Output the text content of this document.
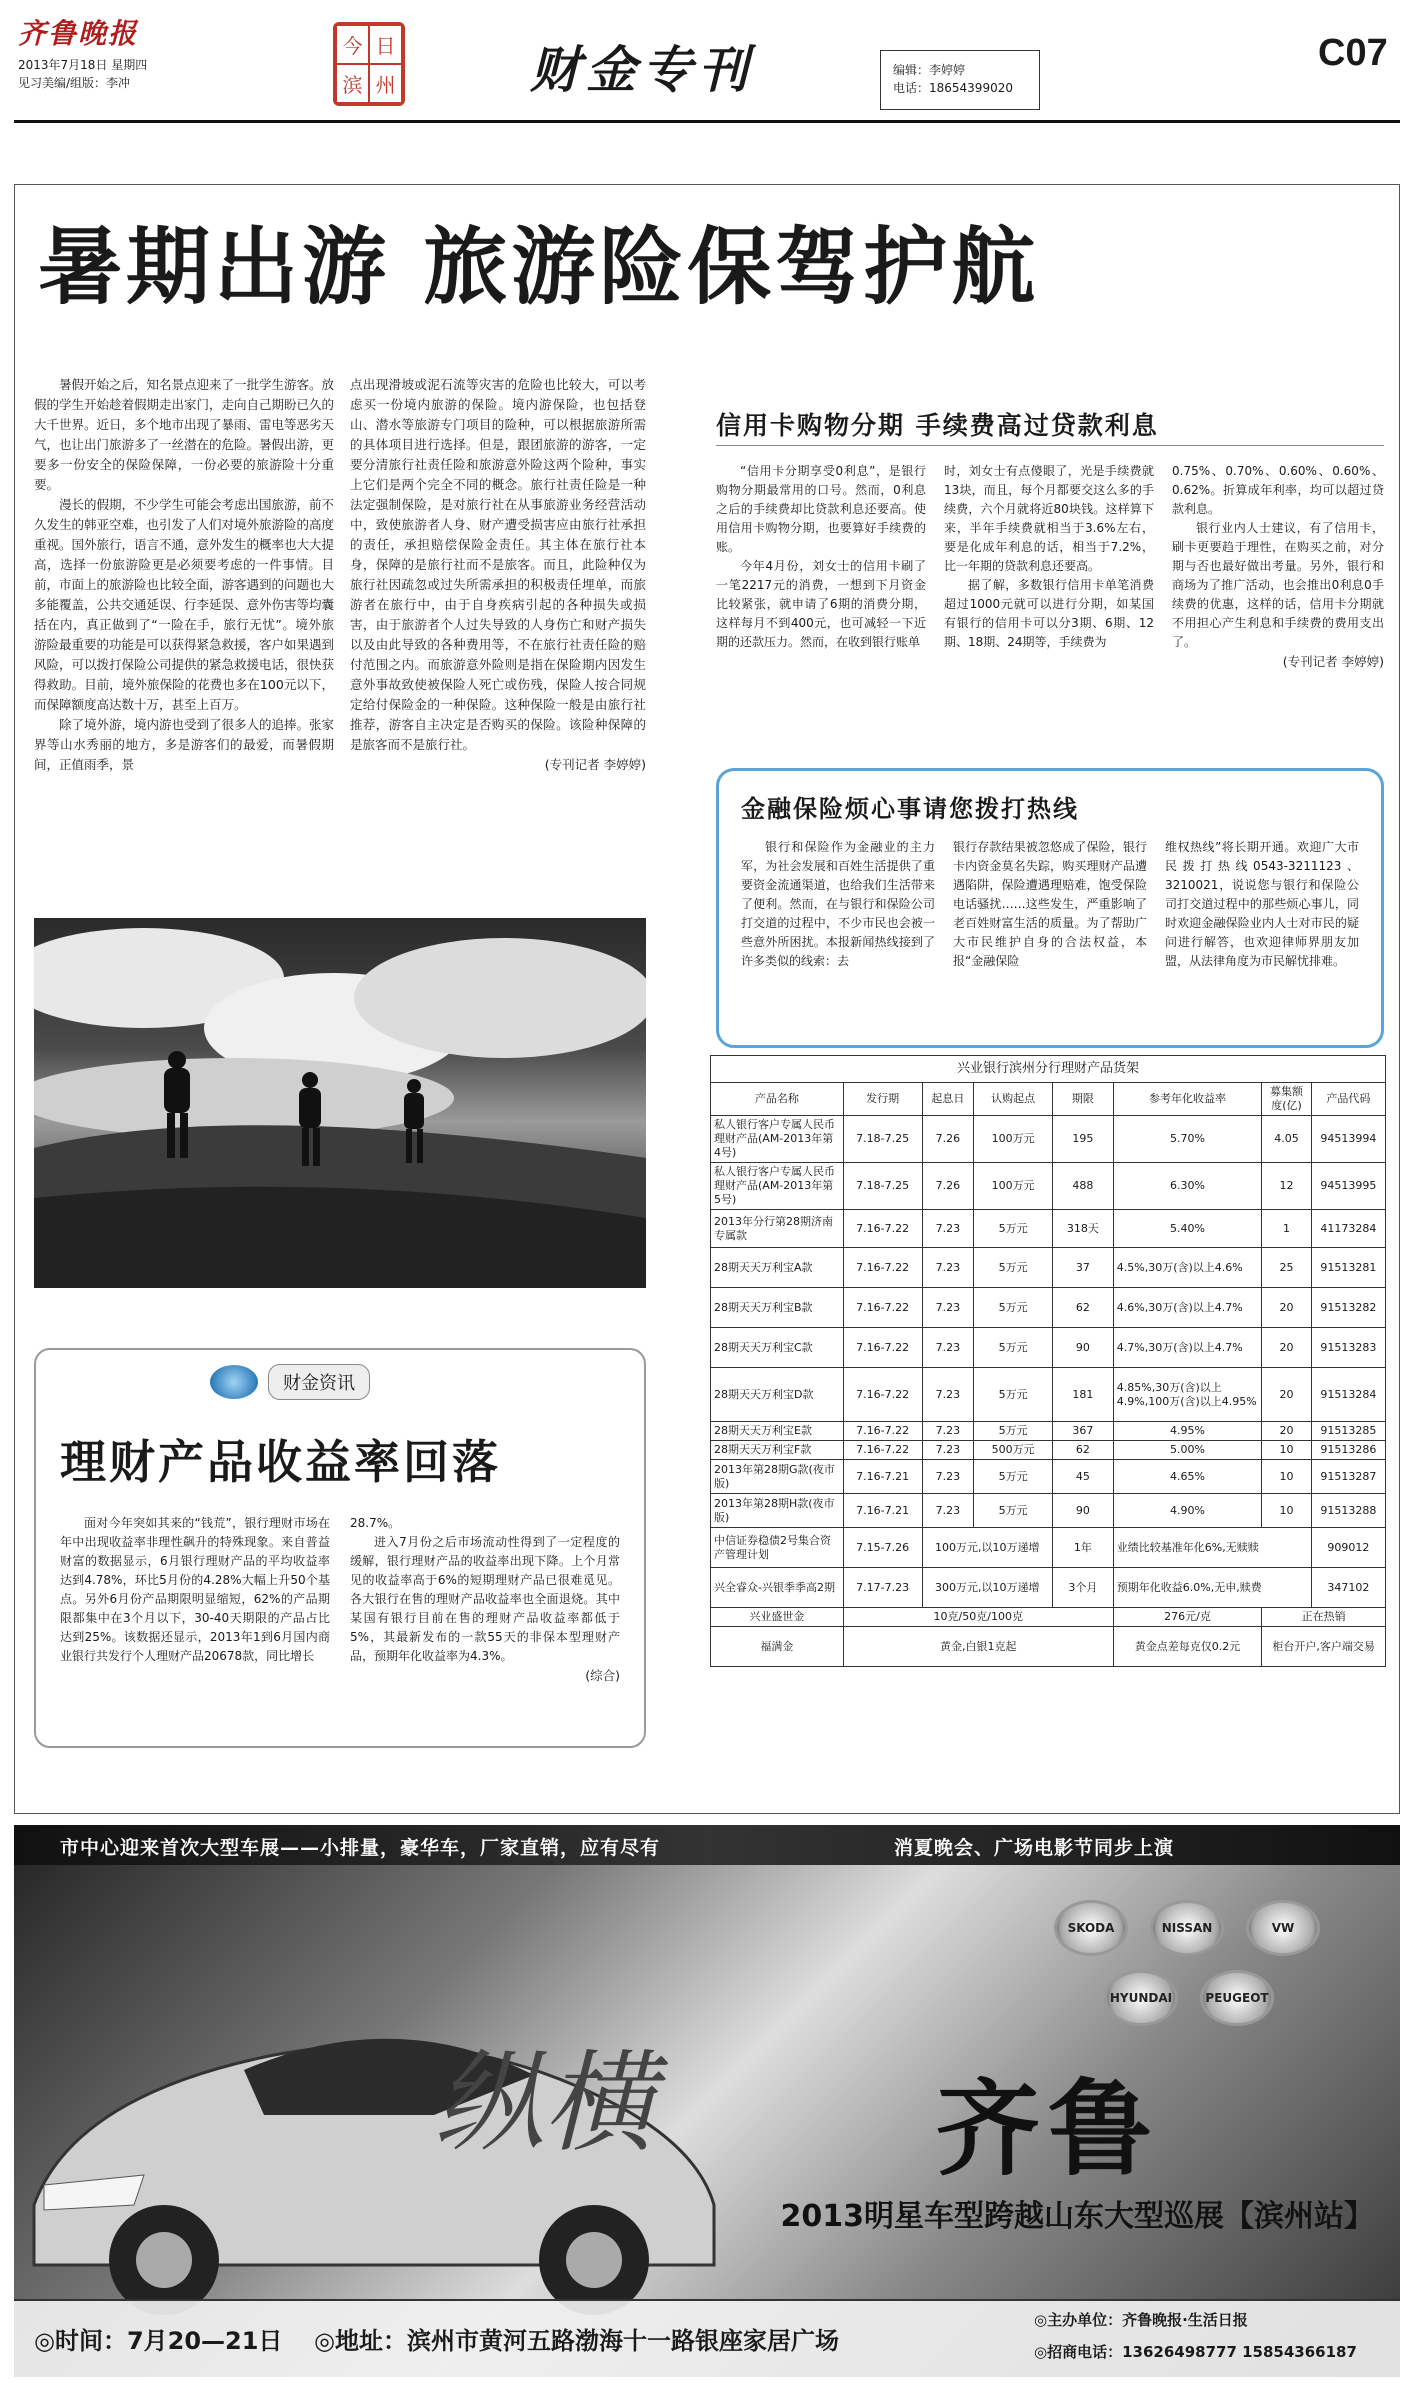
齐鲁晚报
2013年7月18日 星期四
见习美编/组版：李冲
今 日
滨 州	财金专刊	编辑：李婷婷
电话：18654399020
C07
暑期出游 旅游险保驾护航

暑假开始之后，知名景点迎来了一批学生游客。放假的学生开始趁着假期走出家门，走向自己期盼已久的大千世界。近日，多个地市出现了暴雨、雷电等恶劣天气，也让出门旅游多了一丝潜在的危险。暑假出游，更要多一份安全的保险保障，一份必要的旅游险十分重要。

漫长的假期，不少学生可能会考虑出国旅游，前不久发生的韩亚空难，也引发了人们对境外旅游险的高度重视。国外旅行，语言不通，意外发生的概率也大大提高，选择一份旅游险更是必须要考虑的一件事情。目前，市面上的旅游险也比较全面，游客遇到的问题也大多能覆盖，公共交通延误、行李延误、意外伤害等均囊括在内，真正做到了“一险在手，旅行无忧”。境外旅游险最重要的功能是可以获得紧急救援，客户如果遇到风险，可以拨打保险公司提供的紧急救援电话，很快获得救助。目前，境外旅保险的花费也多在100元以下，而保障额度高达数十万，甚至上百万。

除了境外游，境内游也受到了很多人的追捧。张家界等山水秀丽的地方，多是游客们的最爱，而暑假期间，正值雨季，景

点出现滑坡或泥石流等灾害的危险也比较大，可以考虑买一份境内旅游的保险。境内游保险，也包括登山、潜水等旅游专门项目的险种，可以根据旅游所需的具体项目进行选择。但是，跟团旅游的游客，一定要分清旅行社责任险和旅游意外险这两个险种，事实上它们是两个完全不同的概念。旅行社责任险是一种法定强制保险，是对旅行社在从事旅游业务经营活动中，致使旅游者人身、财产遭受损害应由旅行社承担的责任，承担赔偿保险金责任。其主体在旅行社本身，保障的是旅行社而不是旅客。而且，此险种仅为旅行社因疏忽或过失所需承担的积极责任埋单，而旅游者在旅行中，由于自身疾病引起的各种损失或损害，由于旅游者个人过失导致的人身伤亡和财产损失以及由此导致的各种费用等，不在旅行社责任险的赔付范围之内。而旅游意外险则是指在保险期内因发生意外事故致使被保险人死亡或伤残，保险人按合同规定给付保险金的一种保险。这种保险一般是由旅行社推荐，游客自主决定是否购买的保险。该险种保障的是旅客而不是旅行社。

(专刊记者 李婷婷)
信用卡购物分期 手续费高过贷款利息

“信用卡分期享受0利息”，是银行购物分期最常用的口号。然而，0利息之后的手续费却比贷款利息还要高。使用信用卡购物分期，也要算好手续费的账。

今年4月份，刘女士的信用卡刷了一笔2217元的消费，一想到下月资金比较紧张，就申请了6期的消费分期，这样每月不到400元，也可减轻一下近期的还款压力。然而，在收到银行账单

时，刘女士有点傻眼了，光是手续费就13块，而且，每个月都要交这么多的手续费，六个月就将近80块钱。这样算下来，半年手续费就相当于3.6%左右，要是化成年利息的话，相当于7.2%，比一年期的贷款利息还要高。

据了解，多数银行信用卡单笔消费超过1000元就可以进行分期，如某国有银行的信用卡可以分3期、6期、12期、18期、24期等，手续费为

0.75%、0.70%、0.60%、0.60%、0.62%。折算成年利率，均可以超过贷款利息。

银行业内人士建议，有了信用卡，刷卡更要趋于理性，在购买之前，对分期与否也最好做出考量。另外，银行和商场为了推广活动，也会推出0利息0手续费的优惠，这样的话，信用卡分期就不用担心产生利息和手续费的费用支出了。

(专刊记者 李婷婷)
金融保险烦心事请您拨打热线

银行和保险作为金融业的主力军，为社会发展和百姓生活提供了重要资金流通渠道，也给我们生活带来了便利。然而，在与银行和保险公司打交道的过程中，不少市民也会被一些意外所困扰。本报新闻热线接到了许多类似的线索：去

银行存款结果被忽悠成了保险，银行卡内资金莫名失踪，购买理财产品遭遇陷阱，保险遭遇理赔难，饱受保险电话骚扰……这些发生，严重影响了老百姓财富生活的质量。为了帮助广大市民维护自身的合法权益，本报“金融保险

维权热线”将长期开通。欢迎广大市民拨打热线0543-3211123、3210021，说说您与银行和保险公司打交道过程中的那些烦心事儿，同时欢迎金融保险业内人士对市民的疑问进行解答，也欢迎律师界朋友加盟，从法律角度为市民解忧排难。

兴业银行滨州分行理财产品货架							
产品名称	发行期	起息日	认购起点	期限	参考年化收益率	募集额度(亿)	产品代码
私人银行客户专属人民币理财产品(AM-2013年第4号)	7.18-7.25	7.26	100万元	195	5.70%	4.05	94513994
私人银行客户专属人民币理财产品(AM-2013年第5号)	7.18-7.25	7.26	100万元	488	6.30%	12	94513995
2013年分行第28期济南专属款	7.16-7.22	7.23	5万元	318天	5.40%	1	41173284
28期天天万利宝A款	7.16-7.22	7.23	5万元	37	4.5%,30万(含)以上4.6%	25	91513281
28期天天万利宝B款	7.16-7.22	7.23	5万元	62	4.6%,30万(含)以上4.7%	20	91513282
28期天天万利宝C款	7.16-7.22	7.23	5万元	90	4.7%,30万(含)以上4.7%	20	91513283
28期天天万利宝D款	7.16-7.22	7.23	5万元	181	4.85%,30万(含)以上4.9%,100万(含)以上4.95%	20	91513284
28期天天万利宝E款	7.16-7.22	7.23	5万元	367	4.95%	20	91513285
28期天天万利宝F款	7.16-7.22	7.23	500万元	62	5.00%	10	91513286
2013年第28期G款(夜市版)	7.16-7.21	7.23	5万元	45	4.65%	10	91513287
2013年第28期H款(夜市版)	7.16-7.21	7.23	5万元	90	4.90%	10	91513288
中信证券稳债2号集合资产管理计划	7.15-7.26	100万元,以10万递增		1年	业绩比较基准年化6%,无赎赎		909012
兴全睿众-兴银季季高2期	7.17-7.23	300万元,以10万递增		3个月	预期年化收益6.0%,无申,赎费		347102
兴业盛世金	10克/50克/100克				276元/克	正在热销	
福满金	黄金,白银1克起				黄金点差每克仅0.2元	柜台开户,客户端交易	
财金资讯
理财产品收益率回落

面对今年突如其来的“钱荒”，银行理财市场在年中出现收益率非理性飙升的特殊现象。来自普益财富的数据显示，6月银行理财产品的平均收益率达到4.78%，环比5月份的4.28%大幅上升50个基点。另外6月份产品期限明显缩短，62%的产品期限都集中在3个月以下，30-40天期限的产品占比达到25%。该数据还显示，2013年1到6月国内商业银行共发行个人理财产品20678款，同比增长

28.7%。

进入7月份之后市场流动性得到了一定程度的缓解，银行理财产品的收益率出现下降。上个月常见的收益率高于6%的短期理财产品已很难觅见。各大银行在售的理财产品收益率也全面退烧。其中某国有银行目前在售的理财产品收益率都低于5%，其最新发布的一款55天的非保本型理财产品，预期年化收益率为4.3%。

(综合)
市中心迎来首次大型车展——小排量，豪华车，厂家直销，应有尽有	消夏晚会、广场电影节同步上演
SKODA	NISSAN	VW
HYUNDAI	PEUGEOT
纵横	齐鲁
2013明星车型跨越山东大型巡展【滨州站】
◎时间：7月20—21日 ◎地址：滨州市黄河五路渤海十一路银座家居广场
◎主办单位：齐鲁晚报·生活日报
◎招商电话：13626498777 15854366187
